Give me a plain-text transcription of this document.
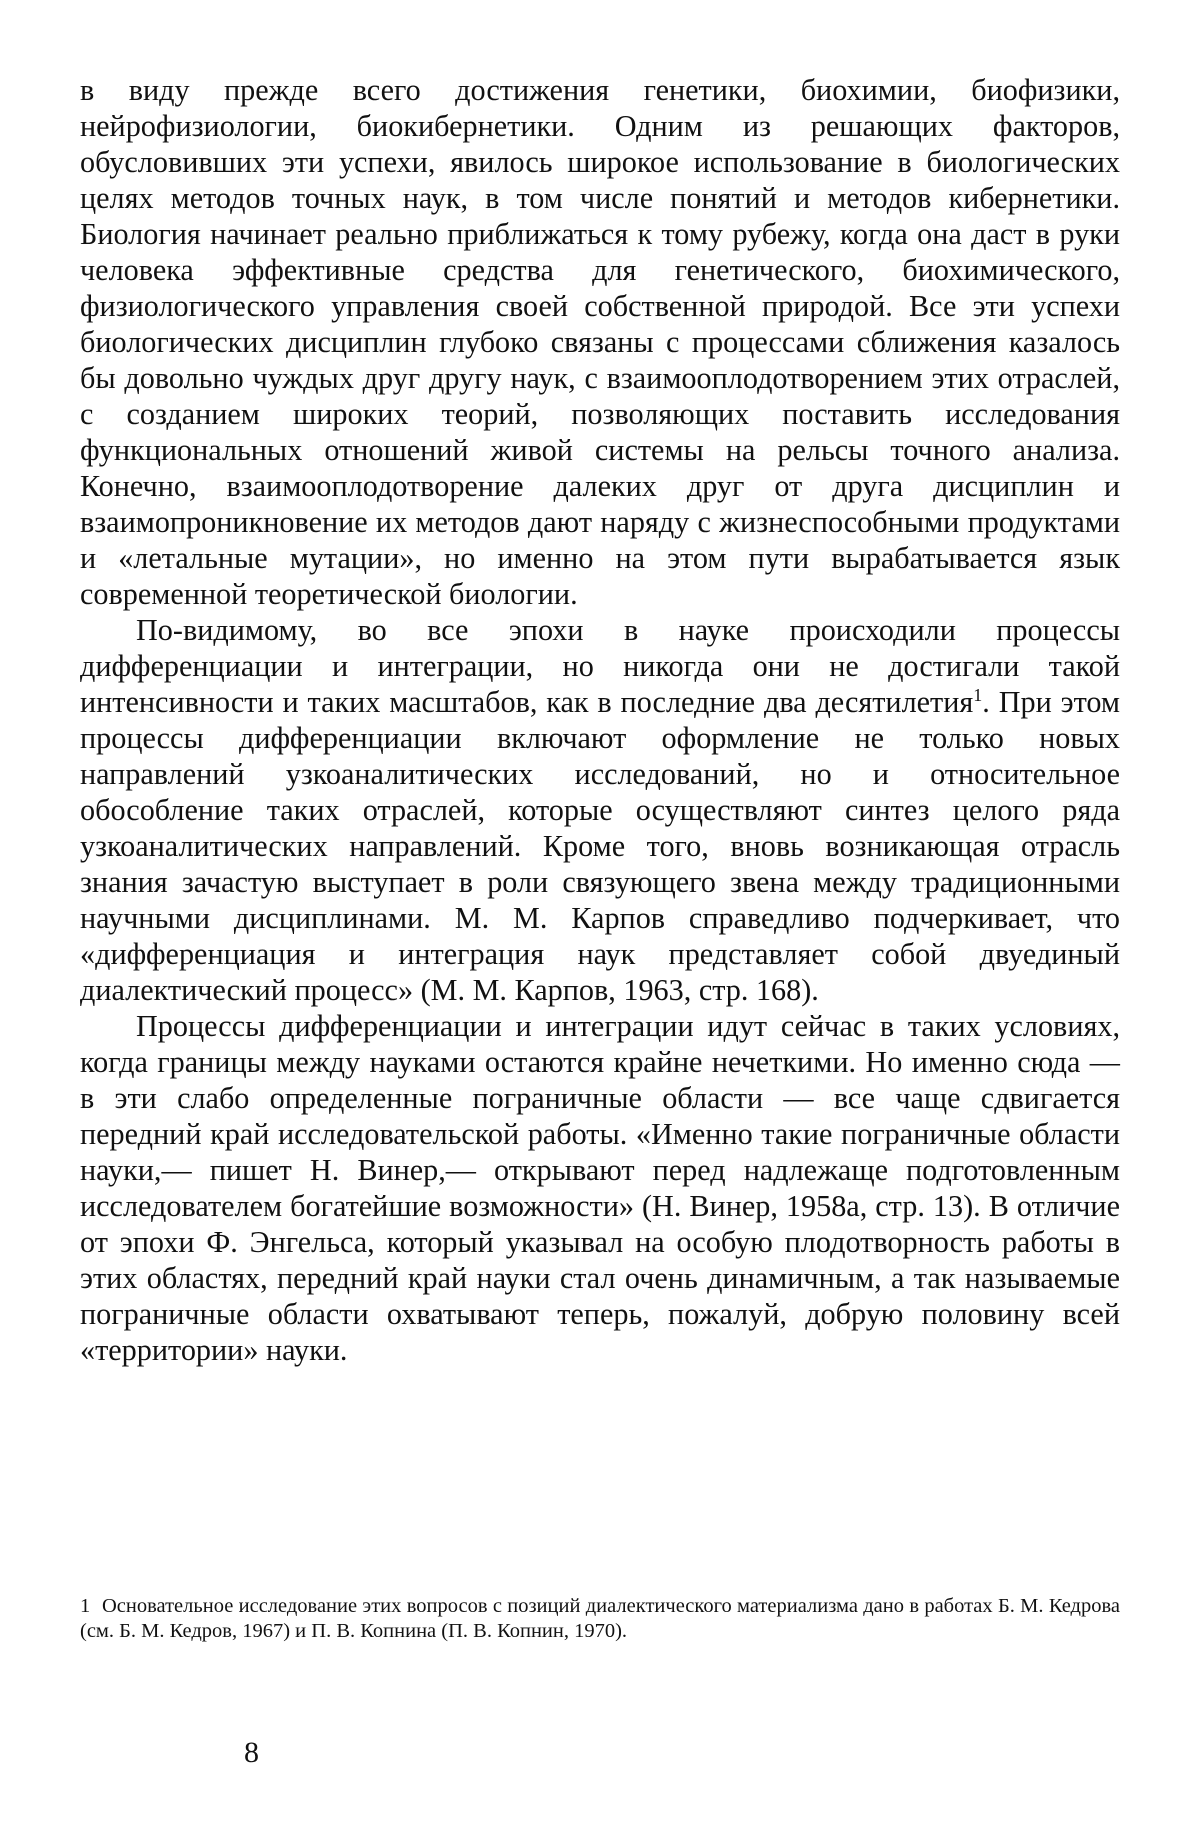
в виду прежде всего достижения генетики, биохимии, биофизики, нейрофизиологии, биокибернетики. Одним из решающих факторов, обусловивших эти успехи, явилось широкое использование в биологических целях методов точных наук, в том числе понятий и методов кибернетики. Биология начинает реально приближаться к тому рубежу, когда она даст в руки человека эффективные средства для генетического, биохимического, физиологического управления своей собственной природой. Все эти успехи биологических дисциплин глубоко связаны с процессами сближения казалось бы довольно чуждых друг другу наук, с взаимооплодотворением этих отраслей, с созданием широких теорий, позволяющих поставить исследования функциональных отношений живой системы на рельсы точного анализа. Конечно, взаимооплодотворение далеких друг от друга дисциплин и взаимопроникновение их методов дают наряду с жизнеспособными продуктами и «летальные мутации», но именно на этом пути вырабатывается язык современной теоретической биологии.

По-видимому, во все эпохи в науке происходили процессы дифференциации и интеграции, но никогда они не достигали такой интенсивности и таких масштабов, как в последние два десятилетия$^1$. При этом процессы дифференциации включают оформление не только новых направлений узкоаналитических исследований, но и относительное обособление таких отраслей, которые осуществляют синтез целого ряда узкоаналитических направлений. Кроме того, вновь возникающая отрасль знания зачастую выступает в роли связующего звена между традиционными научными дисциплинами. М. М. Карпов справедливо подчеркивает, что «дифференциация и интеграция наук представляет собой двуединый диалектический процесс» (М. М. Карпов, 1963, стр. 168).

Процессы дифференциации и интеграции идут сейчас в таких условиях, когда границы между науками остаются крайне нечеткими. Но именно сюда — в эти слабо определенные пограничные области — все чаще сдвигается передний край исследовательской работы. «Именно такие пограничные области науки,— пишет Н. Винер,— открывают перед надлежаще подготовленным исследователем богатейшие возможности» (Н. Винер, 1958а, стр. 13). В отличие от эпохи Ф. Энгельса, который указывал на особую плодотворность работы в этих областях, передний край науки стал очень динамичным, а так называемые пограничные области охватывают теперь, пожалуй, добрую половину всей «территории» науки.

1 Основательное исследование этих вопросов с позиций диалектического материализма дано в работах Б. М. Кедрова (см. Б. М. Кедров, 1967) и П. В. Копнина (П. В. Копнин, 1970).
8
